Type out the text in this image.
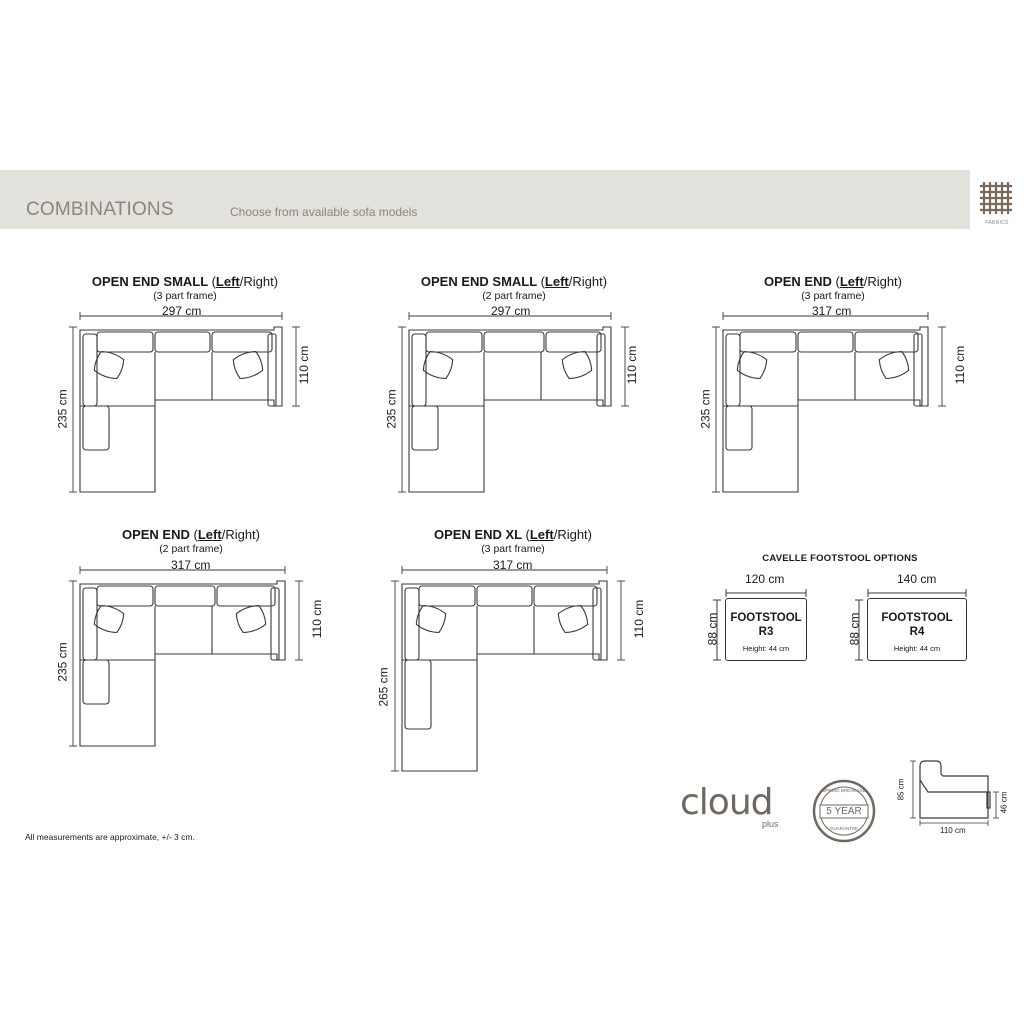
COMBINATIONS	Choose from available sofa models
FABRICS
OPEN END SMALL (Left/Right)
(3 part frame)
297 cm
110 cm
235 cm
OPEN END SMALL (Left/Right)
(2 part frame)
297 cm
110 cm
235 cm
OPEN END (Left/Right)
(3 part frame)
317 cm
110 cm
235 cm
OPEN END (Left/Right)
(2 part frame)
317 cm
110 cm
235 cm
OPEN END XL (Left/Right)
(3 part frame)
317 cm
110 cm
265 cm
CAVELLE FOOTSTOOL OPTIONS
120 cm
88 cm FOOTSTOOL
R3
Height: 44 cm
140 cm
88 cm	FOOTSTOOL
R4
Height: 44 cm
cloud
plus
SPRING BREAKAGE
5 YEAR
GUARANTEE
85 cm
46 cm
110 cm
All measurements are approximate, +/- 3 cm.
